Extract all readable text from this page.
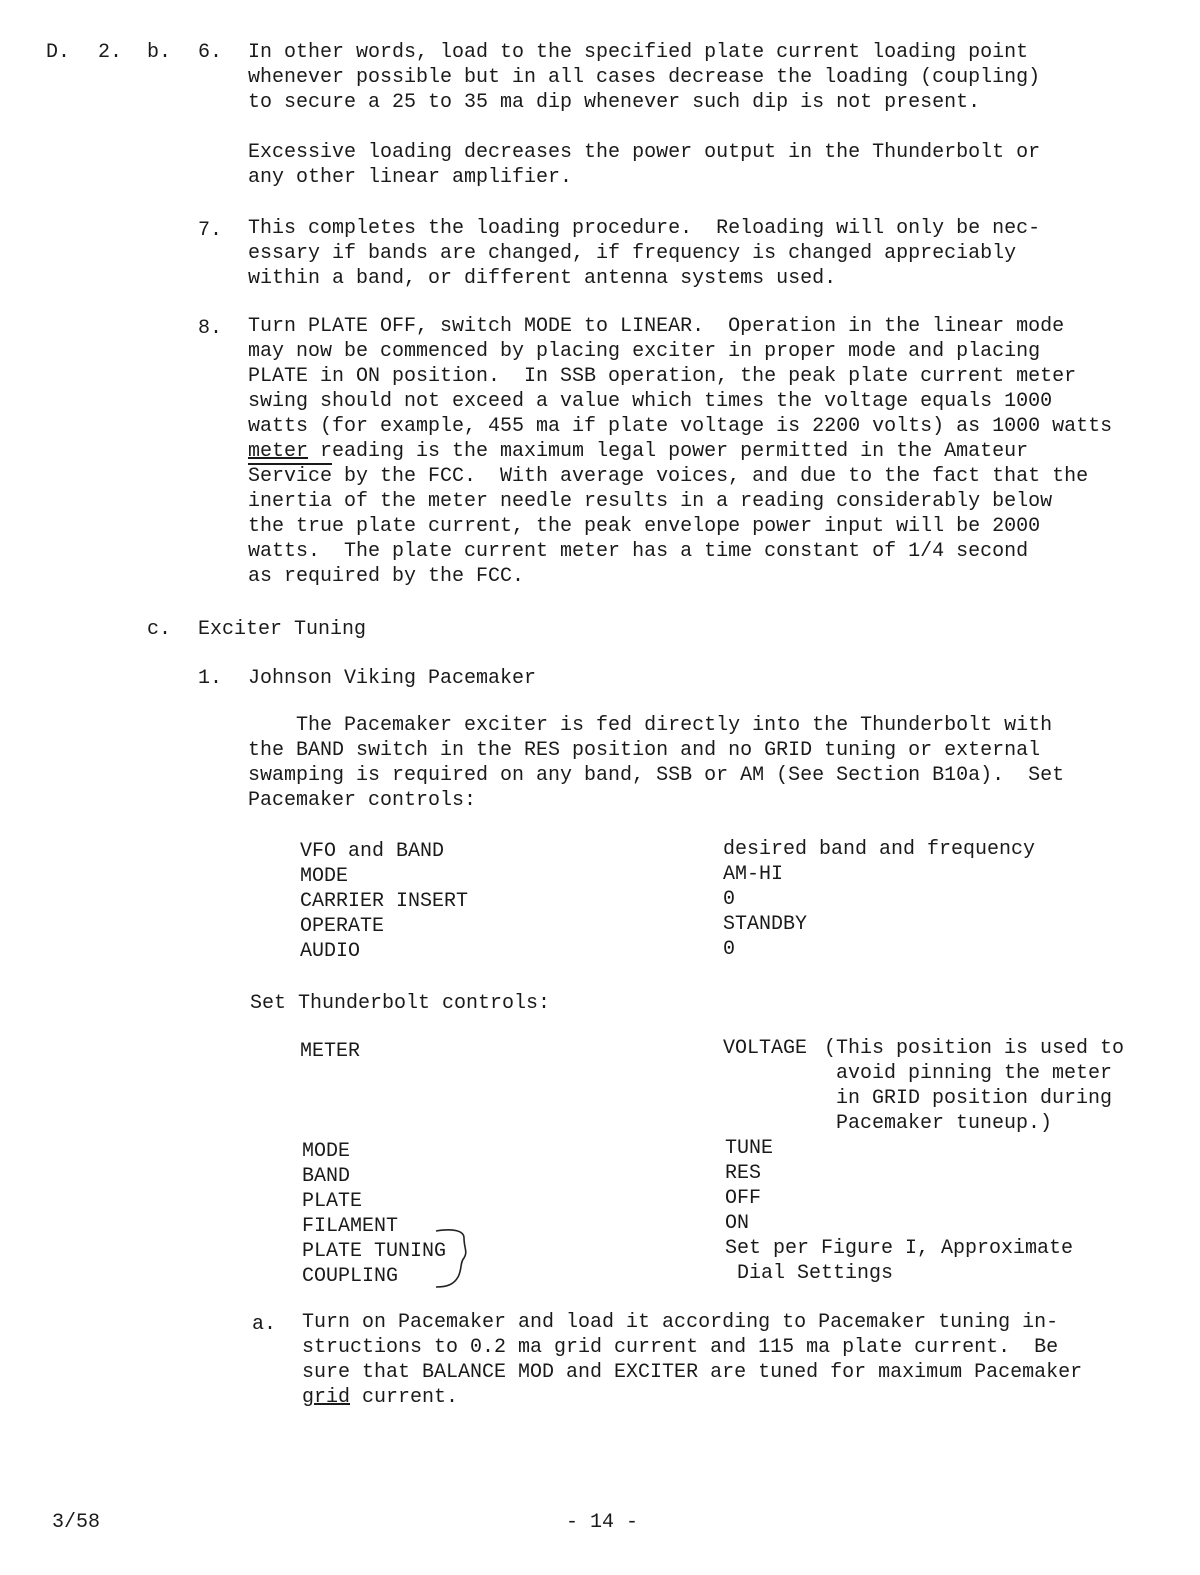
D. 2. b. 6. In other words, load to the specified plate current loading point
whenever possible but in all cases decrease the loading (coupling)
to secure a 25 to 35 ma dip whenever such dip is not present.
Excessive loading decreases the power output in the Thunderbolt or
any other linear amplifier.
7. This completes the loading procedure.  Reloading will only be nec-
essary if bands are changed, if frequency is changed appreciably
within a band, or different antenna systems used.
8. Turn PLATE OFF, switch MODE to LINEAR.  Operation in the linear mode
may now be commenced by placing exciter in proper mode and placing
PLATE in ON position.  In SSB operation, the peak plate current meter
swing should not exceed a value which times the voltage equals 1000
watts (for example, 455 ma if plate voltage is 2200 volts) as 1000 watts
meter reading is the maximum legal power permitted in the Amateur
Service by the FCC.  With average voices, and due to the fact that the
inertia of the meter needle results in a reading considerably below
the true plate current, the peak envelope power input will be 2000
watts.  The plate current meter has a time constant of 1/4 second
as required by the FCC.
c. Exciter Tuning
1. Johnson Viking Pacemaker
The Pacemaker exciter is fed directly into the Thunderbolt with
the BAND switch in the RES position and no GRID tuning or external
swamping is required on any band, SSB or AM (See Section B10a).  Set
Pacemaker controls:
VFO and BAND
MODE
CARRIER INSERT
OPERATE
AUDIO
desired band and frequency
AM-HI
0
STANDBY
0
Set Thunderbolt controls:
METER	VOLTAGE (This position is used to
avoid pinning the meter
in GRID position during
Pacemaker tuneup.)
MODE
BAND
PLATE
FILAMENT
PLATE TUNING
COUPLING
TUNE
RES
OFF
ON
Set per Figure I, Approximate
Dial Settings
a. Turn on Pacemaker and load it according to Pacemaker tuning in-
structions to 0.2 ma grid current and 115 ma plate current.  Be
sure that BALANCE MOD and EXCITER are tuned for maximum Pacemaker
grid current.
3/58	- 14 -
